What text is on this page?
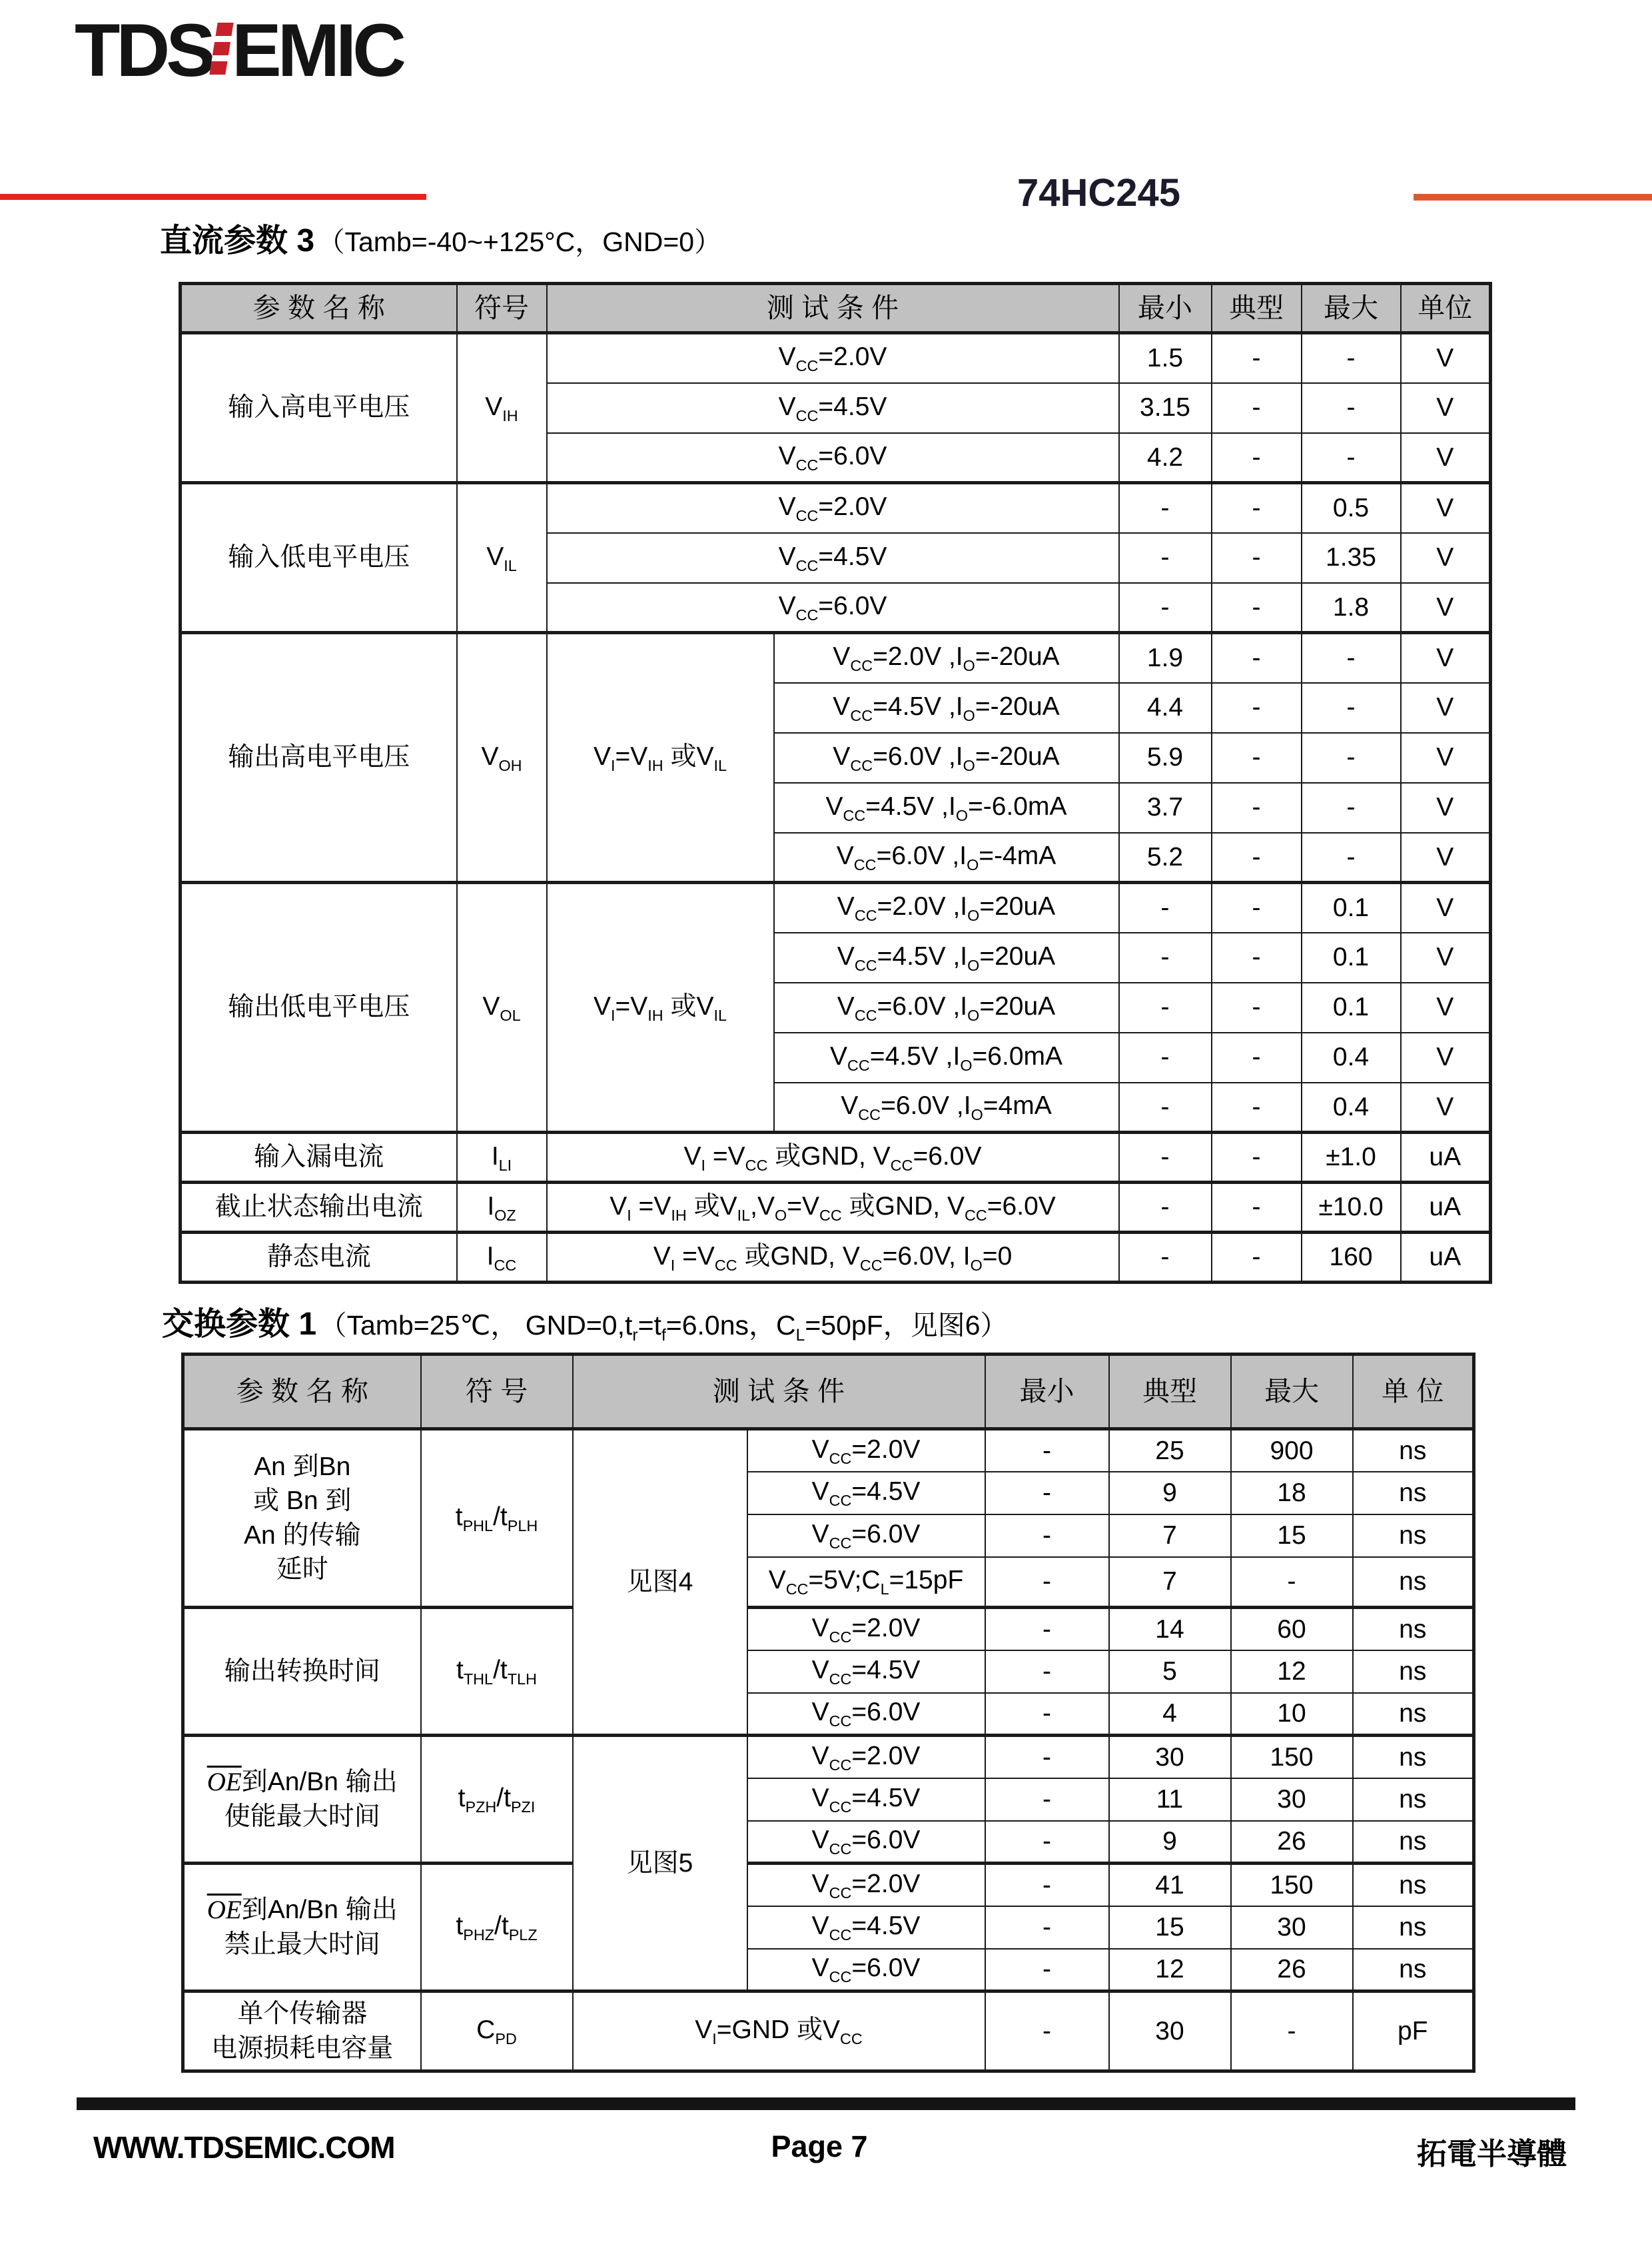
TDS EMIC
74HC245
直流参数 3 （Tamb=-40~+125°C，GND=0）
参 数 名 称	符号	测 试 条 件		最小	典型	最大	单位
输入高电平电压	$V_{IH}$	$V_{CC}=2.0V$		1.5	-	-	V
		$V_{CC}=4.5V$		3.15	-	-	V
		$V_{CC}=6.0V$		4.2	-	-	V
输入低电平电压	$V_{IL}$	$V_{CC}=2.0V$		-	-	0.5	V
		$V_{CC}=4.5V$		-	-	1.35	V
		$V_{CC}=6.0V$		-	-	1.8	V
输出高电平电压	$V_{OH}$	$V_I=V_{IH}$ 或$V_{IL}$	$V_{CC}=2.0V$ $,I_O=-20uA$	1.9	-	-	V
			$V_{CC}=4.5V$ $,I_O=-20uA$	4.4	-	-	V
			$V_{CC}=6.0V$ $,I_O=-20uA$	5.9	-	-	V
			$V_{CC}=4.5V$ $,I_O=-6.0mA$	3.7	-	-	V
			$V_{CC}=6.0V$ $,I_O=-4mA$	5.2	-	-	V
输出低电平电压	$V_{OL}$	$V_I=V_{IH}$ 或$V_{IL}$	$V_{CC}=2.0V$ $,I_O=20uA$	-	-	0.1	V
			$V_{CC}=4.5V$ $,I_O=20uA$	-	-	0.1	V
			$V_{CC}=6.0V$ $,I_O=20uA$	-	-	0.1	V
			$V_{CC}=4.5V$ $,I_O=6.0mA$	-	-	0.4	V
			$V_{CC}=6.0V$ $,I_O=4mA$	-	-	0.4	V
输入漏电流	$I_{LI}$	$V_I =V_{CC}$ 或GND, $V_{CC}=6.0V$		-	-	±1.0	uA
截止状态输出电流	$I_{OZ}$	$V_I =V_{IH}$ 或$V_{IL},V_O=V_{CC}$ 或GND, $V_{CC}=6.0V$		-	-	±10.0	uA
静态电流	$I_{CC}$	$V_I =V_{CC}$ 或GND, $V_{CC}=6.0V$, $I_O=0$		-	-	160	uA
交换参数 1 （Tamb=25℃， $GND=0,t_r=t_f=6.0ns$，$C_L=50pF$，见图6）
参 数 名 称	符 号	测 试 条 件		最小	典型	最大	单 位
An 到Bn
或 Bn 到
An 的传输
延时	$t_{PHL}/t_{PLH}$	见图4	$V_{CC}=2.0V$	-	25	900	ns
			$V_{CC}=4.5V$	-	9	18	ns
			$V_{CC}=6.0V$	-	7	15	ns
			$V_{CC}=5V;C_L=15pF$	-	7	-	ns
输出转换时间	$t_{THL}/t_{TLH}$		$V_{CC}=2.0V$	-	14	60	ns
			$V_{CC}=4.5V$	-	5	12	ns
			$V_{CC}=6.0V$	-	4	10	ns
$\overline{OE}$到An/Bn 输出
使能最大时间	$t_{PZH}/t_{PZI}$	见图5	$V_{CC}=2.0V$	-	30	150	ns
			$V_{CC}=4.5V$	-	11	30	ns
			$V_{CC}=6.0V$	-	9	26	ns
$\overline{OE}$到An/Bn 输出
禁止最大时间	$t_{PHZ}/t_{PLZ}$		$V_{CC}=2.0V$	-	41	150	ns
			$V_{CC}=4.5V$	-	15	30	ns
			$V_{CC}=6.0V$	-	12	26	ns
单个传输器
电源损耗电容量	$C_{PD}$	$V_I=GND$ 或$V_{CC}$		-	30	-	pF
WWW.TDSEMIC.COM	Page 7	拓電半導體
